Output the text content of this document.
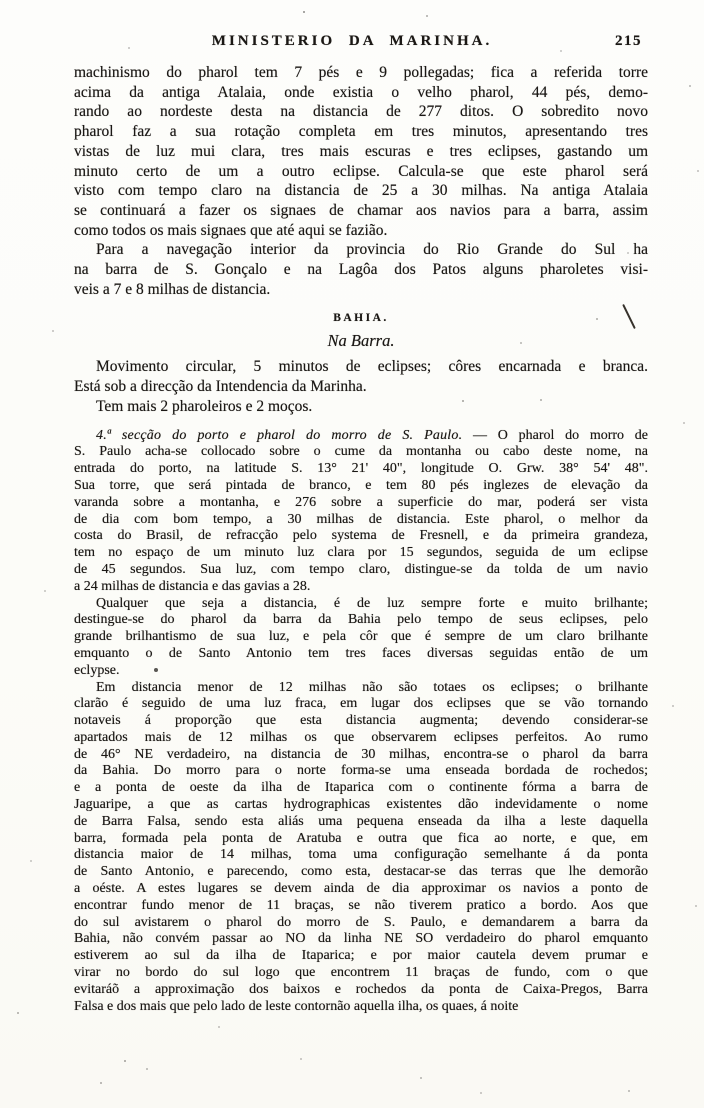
MINISTERIO DA MARINHA.	215
machinismo do pharol tem 7 pés e 9 pollegadas; fica a referida torre
acima da antiga Atalaia, onde existia o velho pharol, 44 pés, demo-
rando ao nordeste desta na distancia de 277 ditos. O sobredito novo
pharol faz a sua rotação completa em tres minutos, apresentando tres
vistas de luz mui clara, tres mais escuras e tres eclipses, gastando um
minuto certo de um a outro eclipse. Calcula-se que este pharol será
visto com tempo claro na distancia de 25 a 30 milhas. Na antiga Atalaia
se continuará a fazer os signaes de chamar aos navios para a barra, assim
como todos os mais signaes que até aqui se fazião.
Para a navegação interior da provincia do Rio Grande do Sul ha
na barra de S. Gonçalo e na Lagôa dos Patos alguns pharoletes visi-
veis a 7 e 8 milhas de distancia.
BAHIA.
Na Barra.
Movimento circular, 5 minutos de eclipses; côres encarnada e branca.
Está sob a direcção da Intendencia da Marinha.
Tem mais 2 pharoleiros e 2 moços.
4.ª secção do porto e pharol do morro de S. Paulo. — O pharol do morro de
S. Paulo acha-se collocado sobre o cume da montanha ou cabo deste nome, na
entrada do porto, na latitude S. 13° 21' 40", longitude O. Grw. 38° 54' 48".
Sua torre, que será pintada de branco, e tem 80 pés inglezes de elevação da
varanda sobre a montanha, e 276 sobre a superficie do mar, poderá ser vista
de dia com bom tempo, a 30 milhas de distancia. Este pharol, o melhor da
costa do Brasil, de refracção pelo systema de Fresnell, e da primeira grandeza,
tem no espaço de um minuto luz clara por 15 segundos, seguida de um eclipse
de 45 segundos. Sua luz, com tempo claro, distingue-se da tolda de um navio
a 24 milhas de distancia e das gavias a 28.
Qualquer que seja a distancia, é de luz sempre forte e muito brilhante;
destingue-se do pharol da barra da Bahia pelo tempo de seus eclipses, pelo
grande brilhantismo de sua luz, e pela côr que é sempre de um claro brilhante
emquanto o de Santo Antonio tem tres faces diversas seguidas então de um
eclypse.
Em distancia menor de 12 milhas não são totaes os eclipses; o brilhante
clarão é seguido de uma luz fraca, em lugar dos eclipses que se vão tornando
notaveis á proporção que esta distancia augmenta; devendo considerar-se
apartados mais de 12 milhas os que observarem eclipses perfeitos. Ao rumo
de 46° NE verdadeiro, na distancia de 30 milhas, encontra-se o pharol da barra
da Bahia. Do morro para o norte forma-se uma enseada bordada de rochedos;
e a ponta de oeste da ilha de Itaparica com o continente fórma a barra de
Jaguaripe, a que as cartas hydrographicas existentes dão indevidamente o nome
de Barra Falsa, sendo esta aliás uma pequena enseada da ilha a leste daquella
barra, formada pela ponta de Aratuba e outra que fica ao norte, e que, em
distancia maior de 14 milhas, toma uma configuração semelhante á da ponta
de Santo Antonio, e parecendo, como esta, destacar-se das terras que lhe demorão
a oéste. A estes lugares se devem ainda de dia approximar os navios a ponto de
encontrar fundo menor de 11 braças, se não tiverem pratico a bordo. Aos que
do sul avistarem o pharol do morro de S. Paulo, e demandarem a barra da
Bahia, não convém passar ao NO da linha NE SO verdadeiro do pharol emquanto
estiverem ao sul da ilha de Itaparica; e por maior cautela devem prumar e
virar no bordo do sul logo que encontrem 11 braças de fundo, com o que
evitaráõ a approximação dos baixos e rochedos da ponta de Caixa-Pregos, Barra
Falsa e dos mais que pelo lado de leste contornão aquella ilha, os quaes, á noite
